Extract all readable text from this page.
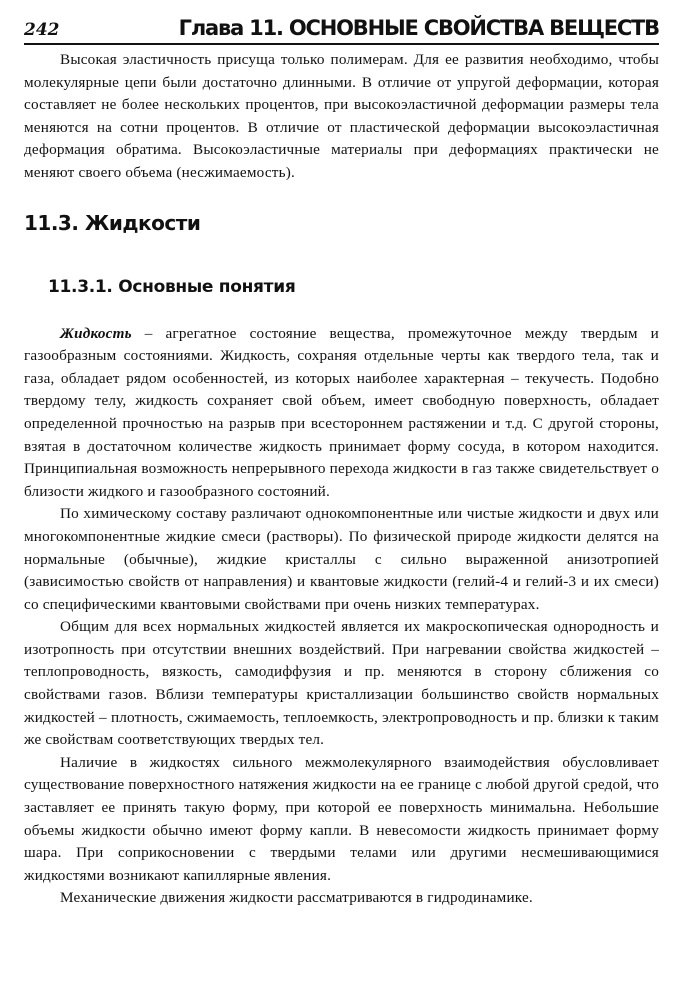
242	Глава 11. ОСНОВНЫЕ СВОЙСТВА ВЕЩЕСТВ

Высокая эластичность присуща только полимерам. Для ее развития необходимо, чтобы молекулярные цепи были достаточно длинными. В отличие от упругой деформации, которая составляет не более нескольких процентов, при высокоэластичной деформации размеры тела меняются на сотни процентов. В отличие от пластической деформации высокоэластичная деформация обратима. Высокоэластичные материалы при деформациях практически не меняют своего объема (несжимаемость).

11.3. Жидкости
11.3.1. Основные понятия

Жидкость – агрегатное состояние вещества, промежуточное между твердым и газообразным состояниями. Жидкость, сохраняя отдельные черты как твердого тела, так и газа, обладает рядом особенностей, из которых наиболее характерная – текучесть. Подобно твердому телу, жидкость сохраняет свой объем, имеет свободную поверхность, обладает определенной прочностью на разрыв при всестороннем растяжении и т.д. С другой стороны, взятая в достаточном количестве жидкость принимает форму сосуда, в котором находится. Принципиальная возможность непрерывного перехода жидкости в газ также свидетельствует о близости жидкого и газообразного состояний.

По химическому составу различают однокомпонентные или чистые жидкости и двух или многокомпонентные жидкие смеси (растворы). По физической природе жидкости делятся на нормальные (обычные), жидкие кристаллы с сильно выраженной анизотропией (зависимостью свойств от направления) и квантовые жидкости (гелий-4 и гелий-3 и их смеси) со специфическими квантовыми свойствами при очень низких температурах.

Общим для всех нормальных жидкостей является их макроскопическая однородность и изотропность при отсутствии внешних воздействий. При нагревании свойства жидкостей – теплопроводность, вязкость, самодиффузия и пр. меняются в сторону сближения со свойствами газов. Вблизи температуры кристаллизации большинство свойств нормальных жидкостей – плотность, сжимаемость, теплоемкость, электропроводность и пр. близки к таким же свойствам соответствующих твердых тел.

Наличие в жидкостях сильного межмолекулярного взаимодействия обусловливает существование поверхностного натяжения жидкости на ее границе с любой другой средой, что заставляет ее принять такую форму, при которой ее поверхность минимальна. Небольшие объемы жидкости обычно имеют форму капли. В невесомости жидкость принимает форму шара. При соприкосновении с твердыми телами или другими несмешивающимися жидкостями возникают капиллярные явления.

Механические движения жидкости рассматриваются в гидродинамике.
